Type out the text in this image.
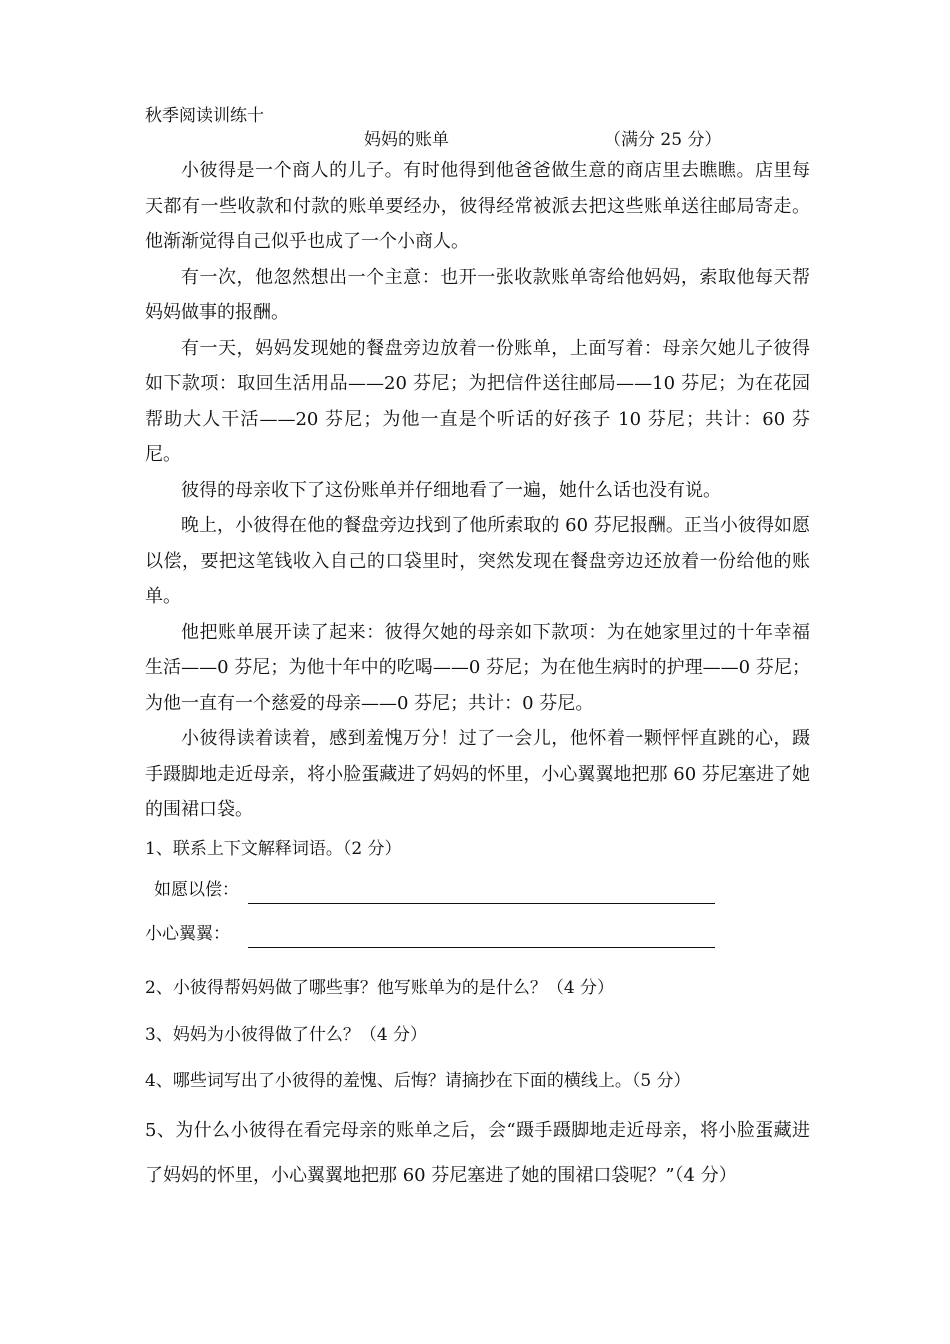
秋季阅读训练十
妈妈的账单	（满分 25 分）

小彼得是一个商人的儿子。有时他得到他爸爸做生意的商店里去瞧瞧。店里每天都有一些收款和付款的账单要经办，彼得经常被派去把这些账单送往邮局寄走。他渐渐觉得自己似乎也成了一个小商人。

有一次，他忽然想出一个主意：也开一张收款账单寄给他妈妈，索取他每天帮妈妈做事的报酬。

有一天，妈妈发现她的餐盘旁边放着一份账单，上面写着：母亲欠她儿子彼得如下款项：取回生活用品——20 芬尼；为把信件送往邮局——10 芬尼；为在花园帮助大人干活——20 芬尼；为他一直是个听话的好孩子 10 芬尼；共计：60 芬尼。

彼得的母亲收下了这份账单并仔细地看了一遍，她什么话也没有说。

晚上，小彼得在他的餐盘旁边找到了他所索取的 60 芬尼报酬。正当小彼得如愿以偿，要把这笔钱收入自己的口袋里时，突然发现在餐盘旁边还放着一份给他的账单。

他把账单展开读了起来：彼得欠她的母亲如下款项：为在她家里过的十年幸福生活——0 芬尼；为他十年中的吃喝——0 芬尼；为在他生病时的护理——0 芬尼；为他一直有一个慈爱的母亲——0 芬尼；共计：0 芬尼。

小彼得读着读着，感到羞愧万分！过了一会儿，他怀着一颗怦怦直跳的心，蹑手蹑脚地走近母亲，将小脸蛋藏进了妈妈的怀里，小心翼翼地把那 60 芬尼塞进了她的围裙口袋。

1、联系上下文解释词语。（2 分）
如愿以偿：
小心翼翼：
2、小彼得帮妈妈做了哪些事？他写账单为的是什么？（4 分）
3、妈妈为小彼得做了什么？（4 分）
4、哪些词写出了小彼得的羞愧、后悔？请摘抄在下面的横线上。（5 分）
5、为什么小彼得在看完母亲的账单之后，会“蹑手蹑脚地走近母亲，将小脸蛋藏进了妈妈的怀里，小心翼翼地把那 60 芬尼塞进了她的围裙口袋呢？”（4 分）
